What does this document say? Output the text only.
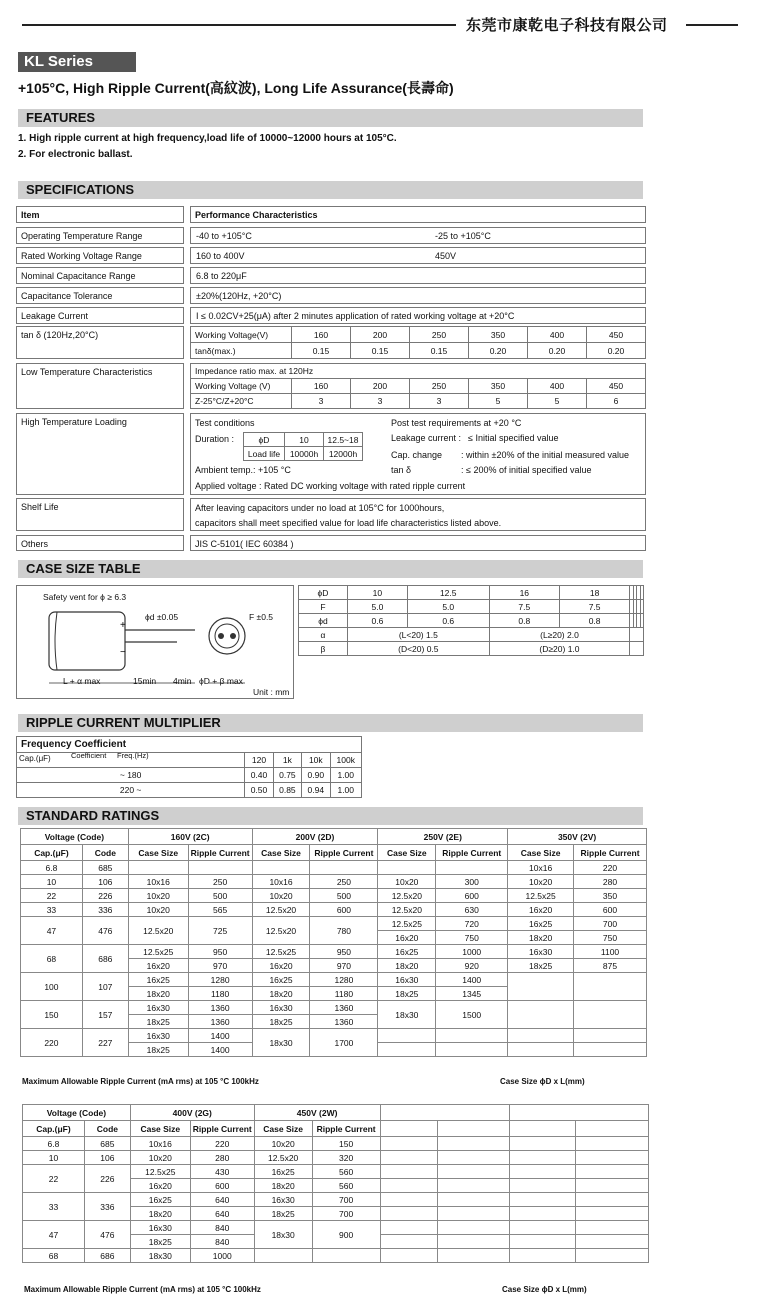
东莞市康乾电子科技有限公司
KL Series
+105°C, High Ripple Current(高紋波), Long Life Assurance(長壽命)
FEATURES
1. High ripple current at high frequency,load life of 10000~12000 hours at 105°C.
2. For electronic ballast.
SPECIFICATIONS
Item	Performance Characteristics
Operating Temperature Range	-40 to +105°C	-25 to +105°C
Rated Working Voltage Range	160 to 400V	450V
Nominal Capacitance Range	6.8 to 220μF
Capacitance Tolerance	±20%(120Hz, +20°C)
Leakage Current	I ≤ 0.02CV+25(μA) after 2 minutes application of rated working voltage at +20°C
tan δ (120Hz,20°C)	Working Voltage(V)	160	200	250	350	400	450
tanδ(max.)	0.15	0.15	0.15	0.20	0.20	0.20
Low Temperature Characteristics	Impedance ratio max. at 120Hz						
Working Voltage (V)	160	200	250	350	400	450
Z-25°C/Z+20°C	3	3	3	5	5	6
High Temperature Loading	Test conditions
Duration :	ϕD	10	12.5~18
Load life	10000h	12000h
Ambient temp.: +105 °C
Applied voltage : Rated DC working voltage with rated ripple current
Post test requirements at +20 °C
Leakage current : ≤ Initial specified value
Cap. change : within ±20% of the initial measured value
tan δ	: ≤ 200% of initial specified value
Shelf Life	After leaving capacitors under no load at 105°C for 1000hours,
capacitors shall meet specified value for load life characteristics listed above.
Others	JIS C-5101( IEC 60384 )
CASE SIZE TABLE
+
−
Safety vent for ϕ ≥ 6.3
ϕd ±0.05	F ±0.5
L + α max	15min 4min ϕD + β max
Unit : mm
ϕD	10	12.5	16	18				
F	5.0	5.0	7.5	7.5				
ϕd	0.6	0.6	0.8	0.8				
α	(L<20) 1.5		(L≥20) 2.0					
β	(D<20) 0.5		(D≥20) 1.0					
RIPPLE CURRENT MULTIPLIER
Frequency Coefficient				

Cap.(μF) Coefficient Freq.(Hz)	120	1k	10k	100k
~ 180	0.40	0.75	0.90	1.00
220 ~	0.50	0.85	0.94	1.00
STANDARD RATINGS
Voltage (Code)		160V (2C)		200V (2D)		250V (2E)		350V (2V)	
Cap.(μF)	Code	Case Size	Ripple Current	Case Size	Ripple Current	Case Size	Ripple Current	Case Size	Ripple Current
6.8	685							10x16	220
10	106	10x16	250	10x16	250	10x20	300	10x20	280
22	226	10x20	500	10x20	500	12.5x20	600	12.5x25	350
33	336	10x20	565	12.5x20	600	12.5x20	630	16x20	600
47	476	12.5x20	725	12.5x20	780	12.5x25	720	16x25	700
						16x20	750	18x20	750
68	686	12.5x25	950	12.5x25	950	16x25	1000	16x30	1100
		16x20	970	16x20	970	18x20	920	18x25	875
100	107	16x25	1280	16x25	1280	16x30	1400		
		18x20	1180	18x20	1180	18x25	1345		
150	157	16x30	1360	16x30	1360	18x30	1500		
		18x25	1360	18x25	1360				
220	227	16x30	1400	18x30	1700				
		18x25	1400						
Maximum Allowable Ripple Current (mA rms) at 105 °C 100kHz	Case Size ϕD x L(mm)
Voltage (Code)		400V (2G)		450V (2W)					
Cap.(μF)	Code	Case Size	Ripple Current	Case Size	Ripple Current				
6.8	685	10x16	220	10x20	150				
10	106	10x20	280	12.5x20	320				
22	226	12.5x25	430	16x25	560				
		16x20	600	18x20	560				
33	336	16x25	640	16x30	700				
		18x20	640	18x25	700				
47	476	16x30	840	18x30	900				
		18x25	840						
68	686	18x30	1000						
Maximum Allowable Ripple Current (mA rms) at 105 °C 100kHz	Case Size ϕD x L(mm)
